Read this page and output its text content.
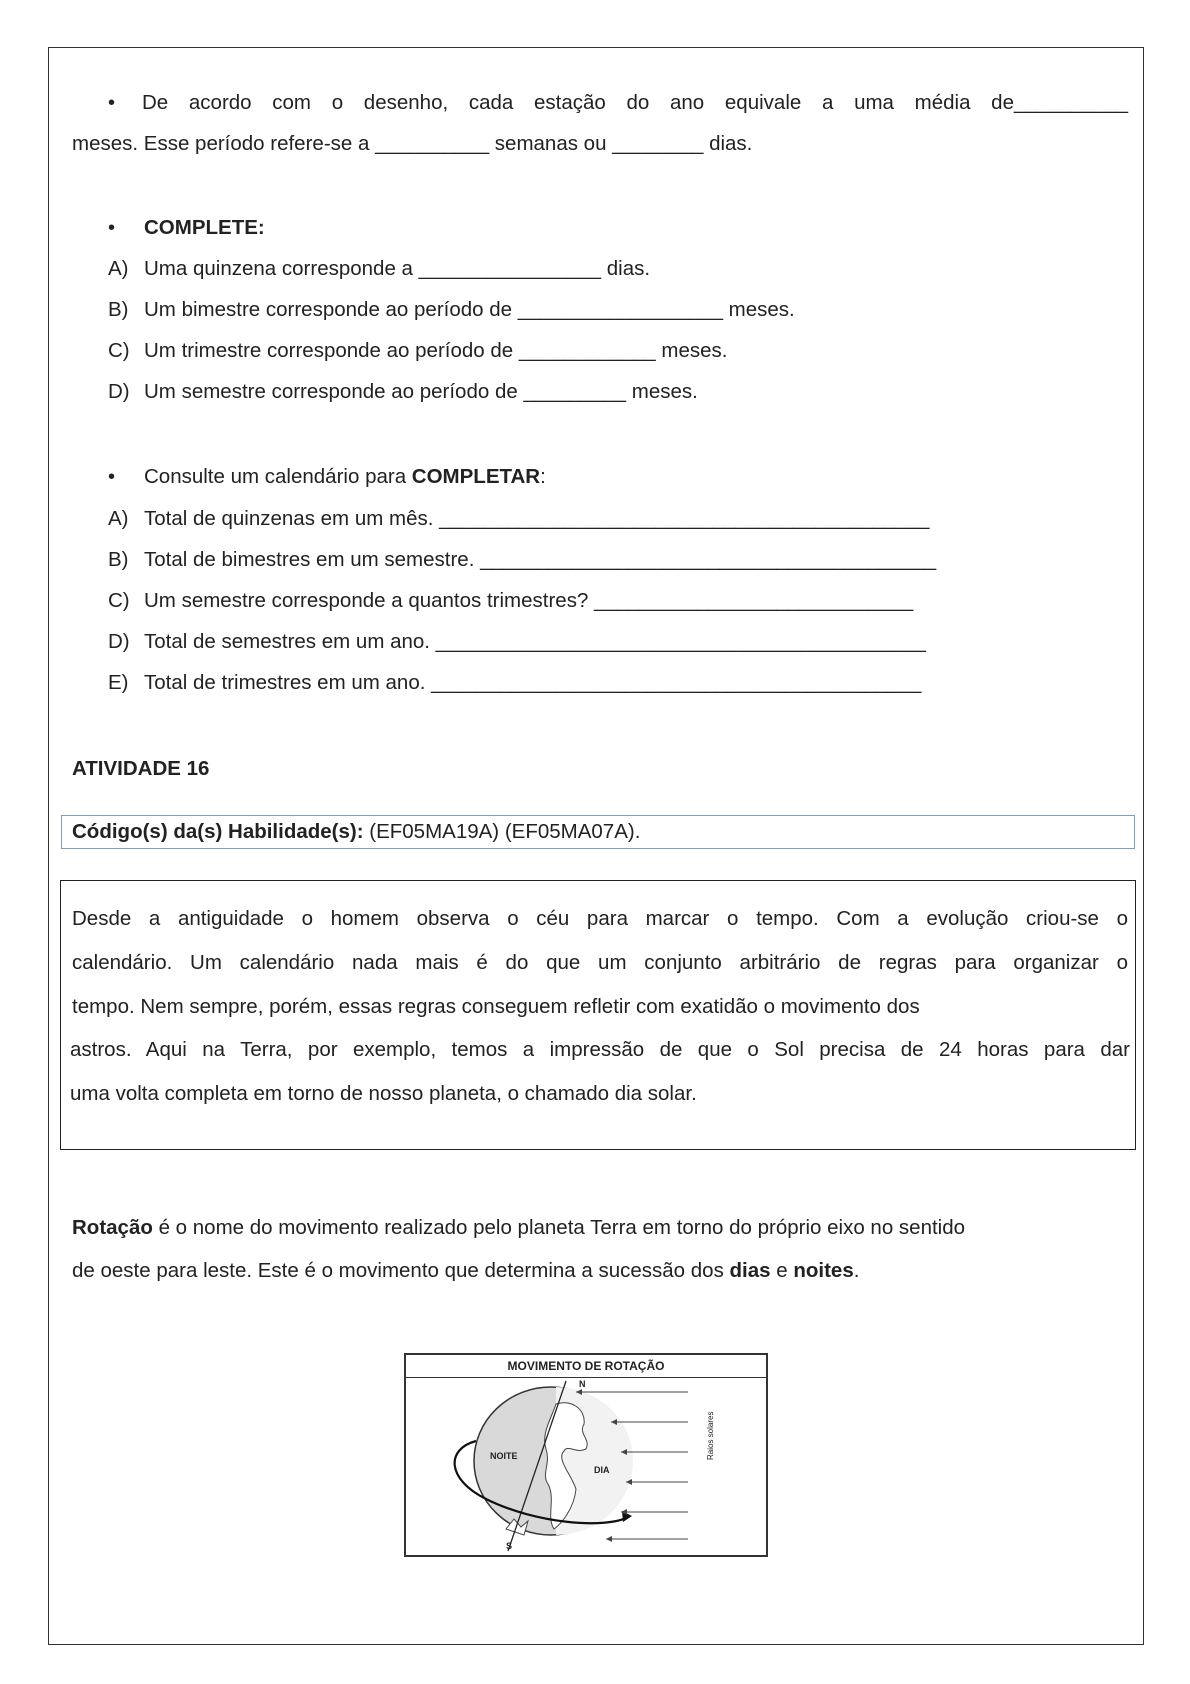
• De acordo com o desenho, cada estação do ano equivale a uma média de__________
meses. Esse período refere-se a __________ semanas ou ________ dias.
• COMPLETE:
A) Uma quinzena corresponde a ________________ dias.
B) Um bimestre corresponde ao período de __________________ meses.
C) Um trimestre corresponde ao período de ____________ meses.
D) Um semestre corresponde ao período de _________ meses.
• Consulte um calendário para COMPLETAR:
A) Total de quinzenas em um mês. ___________________________________________
B) Total de bimestres em um semestre. ________________________________________
C) Um semestre corresponde a quantos trimestres? ____________________________
D) Total de semestres em um ano. ___________________________________________
E) Total de trimestres em um ano. ___________________________________________
ATIVIDADE 16
Código(s) da(s) Habilidade(s): (EF05MA19A) (EF05MA07A).
Desde a antiguidade o homem observa o céu para marcar o tempo. Com a evolução criou-se o
calendário. Um calendário nada mais é do que um conjunto arbitrário de regras para organizar o
tempo. Nem sempre, porém, essas regras conseguem refletir com exatidão o movimento dos
astros. Aqui na Terra, por exemplo, temos a impressão de que o Sol precisa de 24 horas para dar
uma volta completa em torno de nosso planeta, o chamado dia solar.
Rotação é o nome do movimento realizado pelo planeta Terra em torno do próprio eixo no sentido
de oeste para leste. Este é o movimento que determina a sucessão dos dias e noites.
MOVIMENTO DE ROTAÇÃO
N
S
NOITE
DIA
Raios solares
